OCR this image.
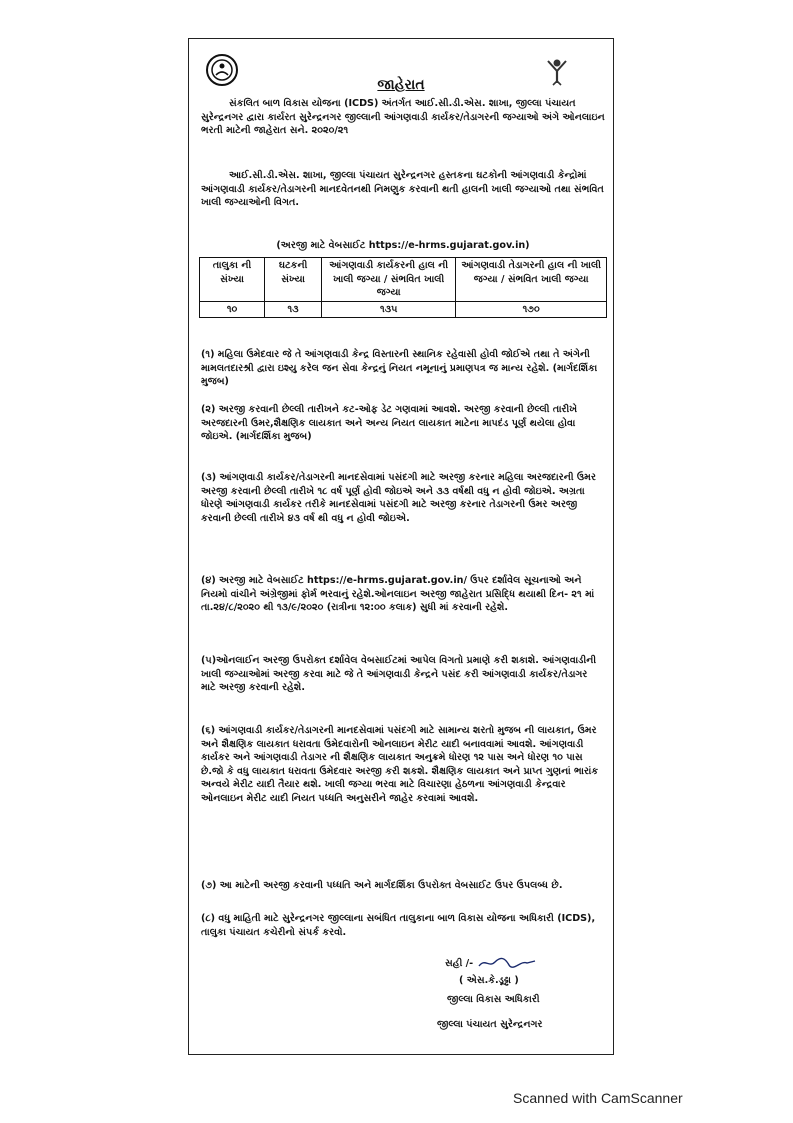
જાહેરાત
સંકલિત બાળ વિકાસ યોજના (ICDS) અંતર્ગત આઈ.સી.ડી.એસ. શાખા, જીલ્લા પંચાયત સુરેન્દ્રનગર દ્વારા કાર્યરત સુરેન્દ્રનગર જીલ્લાની આંગણવાડી કાર્યકર/તેડાગરની જગ્યાઓ અંગે ઓનલાઇન ભરતી માટેની જાહેરાત સને. ૨૦૨૦/૨૧
આઈ.સી.ડી.એસ. શાખા, જીલ્લા પંચાયત સુરેન્દ્રનગર હસ્તકના ઘટકોની આંગણવાડી કેન્દ્રોમાં આંગણવાડી કાર્યકર/તેડાગરની માનદવેતનથી નિમણુક કરવાની થતી હાલની ખાલી જગ્યાઓ તથા સંભવિત ખાલી જગ્યાઓની વિગત.
(અરજી માટે વેબસાઈટ https://e-hrms.gujarat.gov.in)
તાલુકા ની સંખ્યા	ઘટકની સંખ્યા	આંગણવાડી કાર્યકરની હાલ ની ખાલી જગ્યા / સંભવિત ખાલી જગ્યા	આંગણવાડી તેડાગરની હાલ ની ખાલી જગ્યા / સંભવિત ખાલી જગ્યા
૧૦	૧૩	૧૩૫	૧૭૦
(૧) મહિલા ઉમેદવાર જે તે આંગણવાડી કેન્દ્ર વિસ્તારની સ્થાનિક રહેવાસી હોવી જોઈએ તથા તે અંગેની મામલતદારશ્રી દ્વારા ઇશ્યુ કરેલ જન સેવા કેન્દ્રનું નિયત નમૂનાનું પ્રમાણપત્ર જ માન્ય રહેશે. (માર્ગદર્શિકા મુજબ)
(૨) અરજી કરવાની છેલ્લી તારીખને કટ-ઓફ ડેટ ગણવામાં આવશે. અરજી કરવાની છેલ્લી તારીખે અરજદારની ઉમર,શૈક્ષણિક લાયકાત અને અન્ય નિયત લાયકાત માટેના માપદંડ પૂર્ણ થયેલા હોવા જોઇએ. (માર્ગદર્શિકા મુજબ)
(૩) આંગણવાડી કાર્યકર/તેડાગરની માનદસેવામાં પસંદગી માટે અરજી કરનાર મહિલા અરજદારની ઉમર અરજી કરવાની છેલ્લી તારીખે ૧૮ વર્ષ પૂર્ણ હોવી જોઇએ અને ૩૩ વર્ષથી વધુ ન હોવી જોઇએ. અગ્રતા ધોરણે આંગણવાડી કાર્યકર તરીકે માનદસેવામાં પસંદગી માટે અરજી કરનાર તેડાગરની ઉમર અરજી કરવાની છેલ્લી તારીખે ૪૩ વર્ષ થી વધુ ન હોવી જોઇએ.
(૪) અરજી માટે વેબસાઈટ https://e-hrms.gujarat.gov.in/ ઉપર દર્શાવેલ સૂચનાઓ અને નિયમો વાંચીને અંગ્રેજીમાં ફોર્મ ભરવાનું રહેશે.ઓનલાઇન અરજી જાહેરાત પ્રસિદ્ધિ થયાથી દિન- ૨૧ માં તા.૨૪/૮/૨૦૨૦ થી ૧૩/૯/૨૦૨૦ (રાત્રીના ૧૨:૦૦ કલાક) સુધી માં કરવાની રહેશે.
(૫)ઓનલાઈન અરજી ઉપરોક્ત દર્શાવેલ વેબસાઈટમાં આપેલ વિગતો પ્રમાણે કરી શકાશે. આંગણવાડીની ખાલી જગ્યાઓમાં અરજી કરવા માટે જે તે આંગણવાડી કેન્દ્રને પસંદ કરી આંગણવાડી કાર્યકર/તેડાગર માટે અરજી કરવાની રહેશે.
(૬) આંગણવાડી કાર્યકર/તેડાગરની માનદસેવામાં પસંદગી માટે સામાન્ય શરતો મુજબ ની લાયકાત, ઉમર અને શૈક્ષણિક લાયકાત ધરાવતા ઉમેદવારોની ઓનલાઇન મેરીટ યાદી બનાવવામાં આવશે. આંગણવાડી કાર્યકર અને આંગણવાડી તેડાગર ની શૈક્ષણિક લાયકાત અનુક્રમે ધોરણ ૧૨ પાસ અને ધોરણ ૧૦ પાસ છે.જો કે વધુ લાયકાત ધરાવતા ઉમેદવાર અરજી કરી શકશે. શૈક્ષણિક લાયકાત અને પ્રાપ્ત ગુણનાં ભારાંક અન્વયે મેરીટ યાદી તૈયાર થશે. ખાલી જગ્યા ભરવા માટે વિચારણા હેઠળના આંગણવાડી કેન્દ્રવાર ઓનલાઇન મેરીટ યાદી નિયત પધ્ધતિ અનુસરીને જાહેર કરવામાં આવશે.
(૭) આ માટેની અરજી કરવાની પધ્ધતિ અને માર્ગદર્શિકા ઉપરોક્ત વેબસાઈટ ઉપર ઉપલબ્ધ છે.
(૮) વધુ માહિતી માટે સુરેન્દ્રનગર જીલ્લાના સબંધિત તાલુકાના બાળ વિકાસ યોજના અધિકારી (ICDS), તાલુકા પંચાયત કચેરીનો સંપર્ક કરવો.
સહી /-
( એસ.કે.ડૂઢ્ઢા )
જીલ્લા વિકાસ અધિકારી
જીલ્લા પંચાયત સુરેન્દ્રનગર
Scanned with CamScanner
